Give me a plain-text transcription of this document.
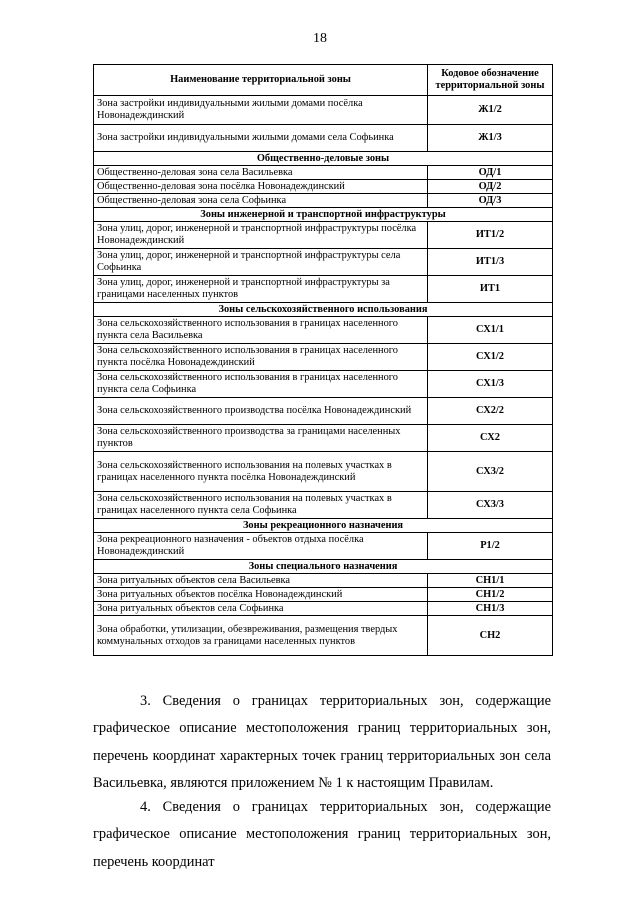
18
Наименование территориальной зоны	Кодовое обозначение территориальной зоны
Зона застройки индивидуальными жилыми домами посёлка Новонадеждинский	Ж1/2
Зона застройки индивидуальными жилыми домами села Софьинка	Ж1/3
Общественно-деловые зоны	
Общественно-деловая зона села Васильевка	ОД/1
Общественно-деловая зона посёлка Новонадеждинский	ОД/2
Общественно-деловая зона села Софьинка	ОД/3
Зоны инженерной и транспортной инфраструктуры	
Зона улиц, дорог, инженерной и транспортной инфраструктуры посёлка Новонадеждинский	ИТ1/2
Зона улиц, дорог, инженерной и транспортной инфраструктуры села Софьинка	ИТ1/3
Зона улиц, дорог, инженерной и транспортной инфраструктуры за границами населенных пунктов	ИТ1
Зоны сельскохозяйственного использования	
Зона сельскохозяйственного использования в границах населенного пункта села Васильевка	СХ1/1
Зона сельскохозяйственного использования в границах населенного пункта посёлка Новонадеждинский	СХ1/2
Зона сельскохозяйственного использования в границах населенного пункта села Софьинка	СХ1/3
Зона сельскохозяйственного производства посёлка Новонадеждинский	СХ2/2
Зона сельскохозяйственного производства за границами населенных пунктов	СХ2
Зона сельскохозяйственного использования на полевых участках в границах населенного пункта посёлка Новонадеждинский	СХ3/2
Зона сельскохозяйственного использования на полевых участках в границах населенного пункта села Софьинка	СХ3/3
Зоны рекреационного назначения	
Зона рекреационного назначения - объектов отдыха посёлка Новонадеждинский	Р1/2
Зоны специального назначения	
Зона ритуальных объектов села Васильевка	СН1/1
Зона ритуальных объектов посёлка Новонадеждинский	СН1/2
Зона ритуальных объектов села Софьинка	СН1/3
Зона обработки, утилизации, обезвреживания, размещения твердых коммунальных отходов за границами населенных пунктов	СН2
3. Сведения о границах территориальных зон, содержащие графическое описание местоположения границ территориальных зон, перечень координат характерных точек границ территориальных зон села Васильевка, являются приложением № 1 к настоящим Правилам.
4. Сведения о границах территориальных зон, содержащие графическое описание местоположения границ территориальных зон, перечень координат
